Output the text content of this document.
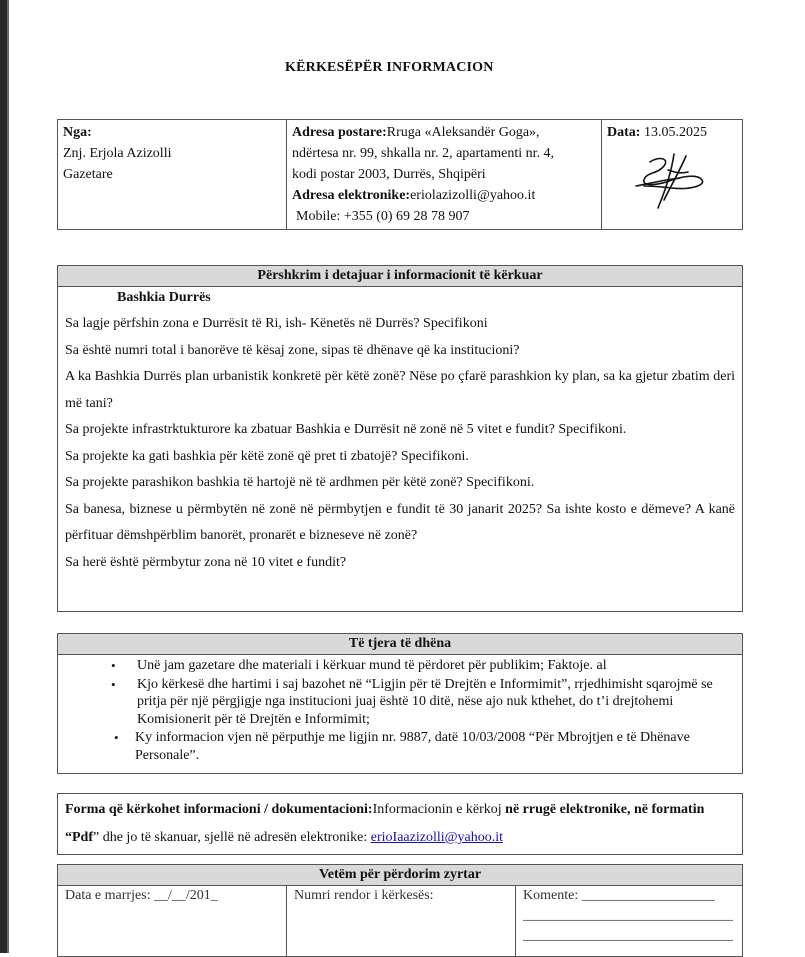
KËRKESËPËR INFORMACION
Nga:
Znj. Erjola Azizolli
Gazetare

Adresa postare:Rruga «Aleksandër Goga»,
ndërtesa nr. 99, shkalla nr. 2, apartamenti nr. 4,
kodi postar 2003, Durrës, Shqipëri
Adresa elektronike:eriolazizolli@yahoo.it
Mobile: +355 (0) 69 28 78 907

Data: 13.05.2025
Përshkrim i detajuar i informacionit të kërkuar

Bashkia Durrës
Sa lagje përfshin zona e Durrësit të Ri, ish- Kënetës në Durrës? Specifikoni
Sa është numri total i banorëve të kësaj zone, sipas të dhënave që ka institucioni?
A ka Bashkia Durrës plan urbanistik konkretë për këtë zonë? Nëse po çfarë parashkion ky plan, sa ka gjetur zbatim deri më tani?
Sa projekte infrastrktukturore ka zbatuar Bashkia e Durrësit në zonë në 5 vitet e fundit? Specifikoni.
Sa projekte ka gati bashkia për këtë zonë që pret ti zbatojë? Specifikoni.
Sa projekte parashikon bashkia të hartojë në të ardhmen për këtë zonë? Specifikoni.
Sa banesa, biznese u përmbytën në zonë në përmbytjen e fundit të 30 janarit 2025? Sa ishte kosto e dëmeve? A kanë përfituar dëmshpërblim banorët, pronarët e bizneseve në zonë?
Sa herë është përmbytur zona në 10 vitet e fundit?
Të tjera të dhëna

• Unë jam gazetare dhe materiali i kërkuar mund të përdoret për publikim; Faktoje. al
• Kjo kërkesë dhe hartimi i saj bazohet në “Ligjin për të Drejtën e Informimit”, rrjedhimisht sqarojmë se pritja për një përgjigje nga institucioni juaj është 10 ditë, nëse ajo nuk kthehet, do t’i drejtohemi Komisionerit për të Drejtën e Informimit;
• Ky informacion vjen në përputhje me ligjin nr. 9887, datë 10/03/2008 “Për Mbrojtjen e të Dhënave Personale”.
Forma që kërkohet informacioni / dokumentacioni:Informacionin e kërkoj në rrugë elektronike, në formatin “Pdf” dhe jo të skanuar, sjellë në adresën elektronike: erioIaazizolli@yahoo.it
Vetëm për përdorim zyrtar
Data e marrjes: __/__/201_	Numri rendor i kërkesës:	Komente: ___________________
______________________________
______________________________
